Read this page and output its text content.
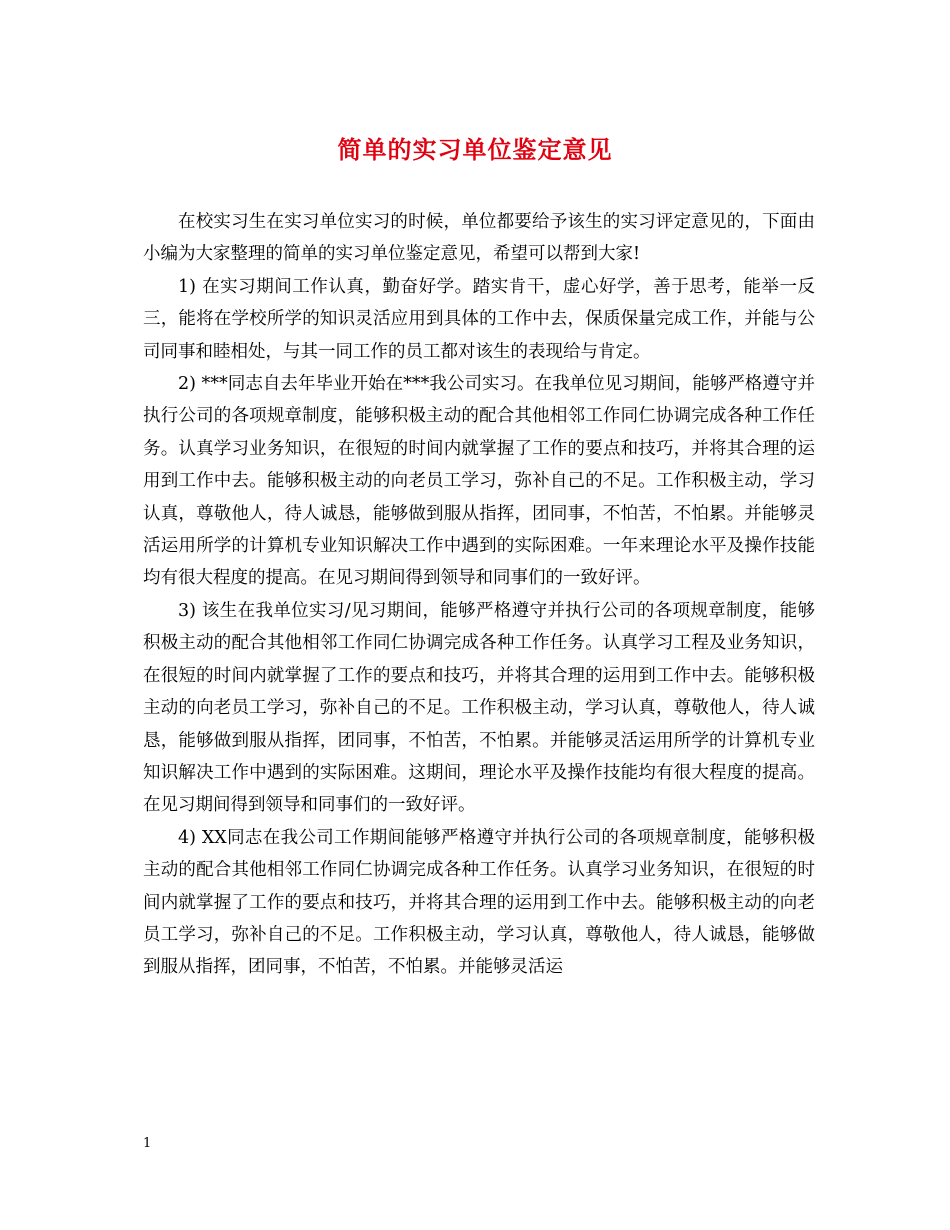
简单的实习单位鉴定意见

在校实习生在实习单位实习的时候，单位都要给予该生的实习评定意见的，下面由小编为大家整理的简单的实习单位鉴定意见，希望可以帮到大家!

1) 在实习期间工作认真，勤奋好学。踏实肯干，虚心好学，善于思考，能举一反三，能将在学校所学的知识灵活应用到具体的工作中去，保质保量完成工作，并能与公司同事和睦相处，与其一同工作的员工都对该生的表现给与肯定。

2) ***同志自去年毕业开始在***我公司实习。在我单位见习期间，能够严格遵守并执行公司的各项规章制度，能够积极主动的配合其他相邻工作同仁协调完成各种工作任务。认真学习业务知识，在很短的时间内就掌握了工作的要点和技巧，并将其合理的运用到工作中去。能够积极主动的向老员工学习，弥补自己的不足。工作积极主动，学习认真，尊敬他人，待人诚恳，能够做到服从指挥，团同事，不怕苦，不怕累。并能够灵活运用所学的计算机专业知识解决工作中遇到的实际困难。一年来理论水平及操作技能均有很大程度的提高。在见习期间得到领导和同事们的一致好评。

3) 该生在我单位实习/见习期间，能够严格遵守并执行公司的各项规章制度，能够积极主动的配合其他相邻工作同仁协调完成各种工作任务。认真学习工程及业务知识，在很短的时间内就掌握了工作的要点和技巧，并将其合理的运用到工作中去。能够积极主动的向老员工学习，弥补自己的不足。工作积极主动，学习认真，尊敬他人，待人诚恳，能够做到服从指挥，团同事，不怕苦，不怕累。并能够灵活运用所学的计算机专业知识解决工作中遇到的实际困难。这期间，理论水平及操作技能均有很大程度的提高。在见习期间得到领导和同事们的一致好评。

4) XX同志在我公司工作期间能够严格遵守并执行公司的各项规章制度，能够积极主动的配合其他相邻工作同仁协调完成各种工作任务。认真学习业务知识，在很短的时间内就掌握了工作的要点和技巧，并将其合理的运用到工作中去。能够积极主动的向老员工学习，弥补自己的不足。工作积极主动，学习认真，尊敬他人，待人诚恳，能够做到服从指挥，团同事，不怕苦，不怕累。并能够灵活运

1
